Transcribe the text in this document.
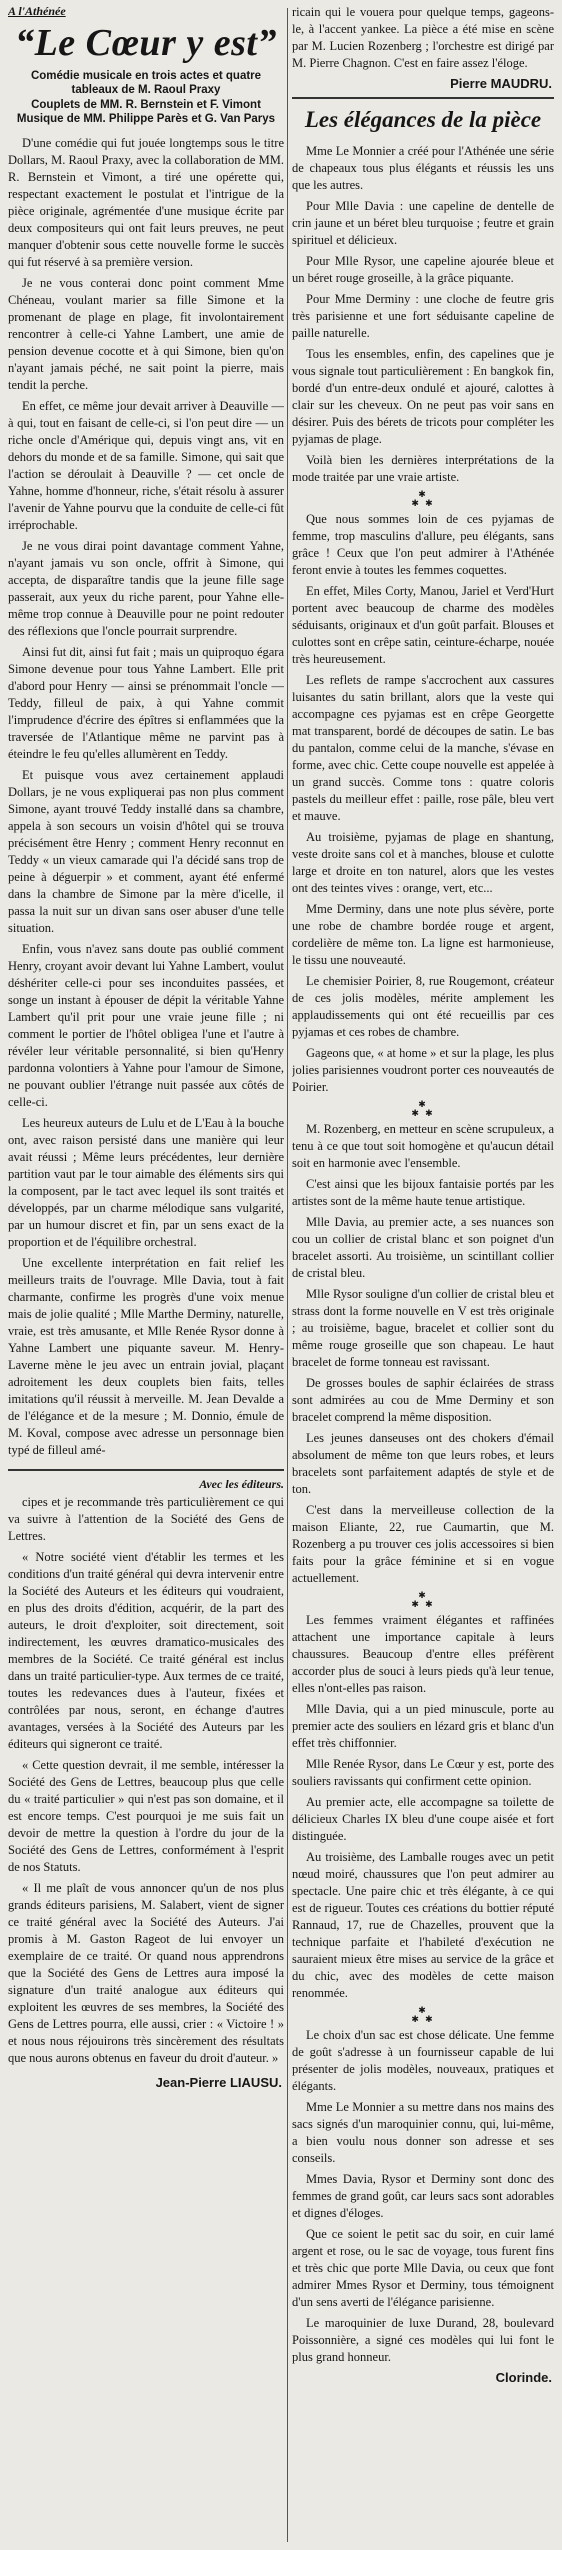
A l'Athénée
“Le Cœur y est”

Comédie musicale en trois actes et quatre tableaux de M. Raoul Praxy

Couplets de MM. R. Bernstein et F. Vimont

Musique de MM. Philippe Parès et G. Van Parys

D'une comédie qui fut jouée longtemps sous le titre Dollars, M. Raoul Praxy, avec la collaboration de MM. R. Bernstein et Vimont, a tiré une opérette qui, respectant exactement le postulat et l'intrigue de la pièce originale, agrémentée d'une musique écrite par deux compositeurs qui ont fait leurs preuves, ne peut manquer d'obtenir sous cette nouvelle forme le succès qui fut réservé à sa première version.

Je ne vous conterai donc point comment Mme Chéneau, voulant marier sa fille Simone et la promenant de plage en plage, fit involontairement rencontrer à celle-ci Yahne Lambert, une amie de pension devenue cocotte et à qui Simone, bien qu'on n'ayant jamais péché, ne sait point la pierre, mais tendit la perche.

En effet, ce même jour devait arriver à Deauville — à qui, tout en faisant de celle-ci, si l'on peut dire — un riche oncle d'Amérique qui, depuis vingt ans, vit en dehors du monde et de sa famille. Simone, qui sait que l'action se déroulait à Deauville ? — cet oncle de Yahne, homme d'honneur, riche, s'était résolu à assurer l'avenir de Yahne pourvu que la conduite de celle-ci fût irréprochable.

Je ne vous dirai point davantage comment Yahne, n'ayant jamais vu son oncle, offrit à Simone, qui accepta, de disparaître tandis que la jeune fille sage passerait, aux yeux du riche parent, pour Yahne elle-même trop connue à Deauville pour ne point redouter des réflexions que l'oncle pourrait surprendre.

Ainsi fut dit, ainsi fut fait ; mais un quiproquo égara Simone devenue pour tous Yahne Lambert. Elle prit d'abord pour Henry — ainsi se prénommait l'oncle — Teddy, filleul de paix, à qui Yahne commit l'imprudence d'écrire des épîtres si enflammées que la traversée de l'Atlantique même ne parvint pas à éteindre le feu qu'elles allumèrent en Teddy.

Et puisque vous avez certainement applaudi Dollars, je ne vous expliquerai pas non plus comment Simone, ayant trouvé Teddy installé dans sa chambre, appela à son secours un voisin d'hôtel qui se trouva précisément être Henry ; comment Henry reconnut en Teddy « un vieux camarade qui l'a décidé sans trop de peine à déguerpir » et comment, ayant été enfermé dans la chambre de Simone par la mère d'icelle, il passa la nuit sur un divan sans oser abuser d'une telle situation.

Enfin, vous n'avez sans doute pas oublié comment Henry, croyant avoir devant lui Yahne Lambert, voulut déshériter celle-ci pour ses inconduites passées, et songe un instant à épouser de dépit la véritable Yahne Lambert qu'il prit pour une vraie jeune fille ; ni comment le portier de l'hôtel obligea l'une et l'autre à révéler leur véritable personnalité, si bien qu'Henry pardonna volontiers à Yahne pour l'amour de Simone, ne pouvant oublier l'étrange nuit passée aux côtés de celle-ci.

Les heureux auteurs de Lulu et de L'Eau à la bouche ont, avec raison persisté dans une manière qui leur avait réussi ; Même leurs précédentes, leur dernière partition vaut par le tour aimable des éléments sirs qui la composent, par le tact avec lequel ils sont traités et développés, par un charme mélodique sans vulgarité, par un humour discret et fin, par un sens exact de la proportion et de l'équilibre orchestral.

Une excellente interprétation en fait relief les meilleurs traits de l'ouvrage. Mlle Davia, tout à fait charmante, confirme les progrès d'une voix menue mais de jolie qualité ; Mlle Marthe Derminy, naturelle, vraie, est très amusante, et Mlle Renée Rysor donne à Yahne Lambert une piquante saveur. M. Henry-Laverne mène le jeu avec un entrain jovial, plaçant adroitement les deux couplets bien faits, telles imitations qu'il réussit à merveille. M. Jean Devalde a de l'élégance et de la mesure ; M. Donnio, émule de M. Koval, compose avec adresse un personnage bien typé de filleul amé-

Avec les éditeurs.

cipes et je recommande très particulièrement ce qui va suivre à l'attention de la Société des Gens de Lettres.

« Notre société vient d'établir les termes et les conditions d'un traité général qui devra intervenir entre la Société des Auteurs et les éditeurs qui voudraient, en plus des droits d'édition, acquérir, de la part des auteurs, le droit d'exploiter, soit directement, soit indirectement, les œuvres dramatico-musicales des membres de la Société. Ce traité général est inclus dans un traité particulier-type. Aux termes de ce traité, toutes les redevances dues à l'auteur, fixées et contrôlées par nous, seront, en échange d'autres avantages, versées à la Société des Auteurs par les éditeurs qui signeront ce traité.

« Cette question devrait, il me semble, intéresser la Société des Gens de Lettres, beaucoup plus que celle du « traité particulier » qui n'est pas son domaine, et il est encore temps. C'est pourquoi je me suis fait un devoir de mettre la question à l'ordre du jour de la Société des Gens de Lettres, conformément à l'esprit de nos Statuts.

« Il me plaît de vous annoncer qu'un de nos plus grands éditeurs parisiens, M. Salabert, vient de signer ce traité général avec la Société des Auteurs. J'ai promis à M. Gaston Rageot de lui envoyer un exemplaire de ce traité. Or quand nous apprendrons que la Société des Gens de Lettres aura imposé la signature d'un traité analogue aux éditeurs qui exploitent les œuvres de ses membres, la Société des Gens de Lettres pourra, elle aussi, crier : « Victoire ! » et nous nous réjouirons très sincèrement des résultats que nous aurons obtenus en faveur du droit d'auteur. »

Jean-Pierre LIAUSU.

ricain qui le vouera pour quelque temps, gageons-le, à l'accent yankee. La pièce a été mise en scène par M. Lucien Rozenberg ; l'orchestre est dirigé par M. Pierre Chagnon. C'est en faire assez l'éloge.

Pierre MAUDRU.
Les élégances de la pièce

Mme Le Monnier a créé pour l'Athénée une série de chapeaux tous plus élégants et réussis les uns que les autres.

Pour Mlle Davia : une capeline de dentelle de crin jaune et un béret bleu turquoise ; feutre et grain spirituel et délicieux.

Pour Mlle Rysor, une capeline ajourée bleue et un béret rouge groseille, à la grâce piquante.

Pour Mme Derminy : une cloche de feutre gris très parisienne et une fort séduisante capeline de paille naturelle.

Tous les ensembles, enfin, des capelines que je vous signale tout particulièrement : En bangkok fin, bordé d'un entre-deux ondulé et ajouré, calottes à clair sur les cheveux. On ne peut pas voir sans en désirer. Puis des bérets de tricots pour compléter les pyjamas de plage.

Voilà bien les dernières interprétations de la mode traitée par une vraie artiste.

✱
✱ ✱

Que nous sommes loin de ces pyjamas de femme, trop masculins d'allure, peu élégants, sans grâce ! Ceux que l'on peut admirer à l'Athénée feront envie à toutes les femmes coquettes.

En effet, Miles Corty, Manou, Jariel et Verd'Hurt portent avec beaucoup de charme des modèles séduisants, originaux et d'un goût parfait. Blouses et culottes sont en crêpe satin, ceinture-écharpe, nouée très heureusement.

Les reflets de rampe s'accrochent aux cassures luisantes du satin brillant, alors que la veste qui accompagne ces pyjamas est en crêpe Georgette mat transparent, bordé de découpes de satin. Le bas du pantalon, comme celui de la manche, s'évase en forme, avec chic. Cette coupe nouvelle est appelée à un grand succès. Comme tons : quatre coloris pastels du meilleur effet : paille, rose pâle, bleu vert et mauve.

Au troisième, pyjamas de plage en shantung, veste droite sans col et à manches, blouse et culotte large et droite en ton naturel, alors que les vestes ont des teintes vives : orange, vert, etc...

Mme Derminy, dans une note plus sévère, porte une robe de chambre bordée rouge et argent, cordelière de même ton. La ligne est harmonieuse, le tissu une nouveauté.

Le chemisier Poirier, 8, rue Rougemont, créateur de ces jolis modèles, mérite amplement les applaudissements qui ont été recueillis par ces pyjamas et ces robes de chambre.

Gageons que, « at home » et sur la plage, les plus jolies parisiennes voudront porter ces nouveautés de Poirier.

✱
✱ ✱

M. Rozenberg, en metteur en scène scrupuleux, a tenu à ce que tout soit homogène et qu'aucun détail soit en harmonie avec l'ensemble.

C'est ainsi que les bijoux fantaisie portés par les artistes sont de la même haute tenue artistique.

Mlle Davia, au premier acte, a ses nuances son cou un collier de cristal blanc et son poignet d'un bracelet assorti. Au troisième, un scintillant collier de cristal bleu.

Mlle Rysor souligne d'un collier de cristal bleu et strass dont la forme nouvelle en V est très originale ; au troisième, bague, bracelet et collier sont du même rouge groseille que son chapeau. Le haut bracelet de forme tonneau est ravissant.

De grosses boules de saphir éclairées de strass sont admirées au cou de Mme Derminy et son bracelet comprend la même disposition.

Les jeunes danseuses ont des chokers d'émail absolument de même ton que leurs robes, et leurs bracelets sont parfaitement adaptés de style et de ton.

C'est dans la merveilleuse collection de la maison Eliante, 22, rue Caumartin, que M. Rozenberg a pu trouver ces jolis accessoires si bien faits pour la grâce féminine et si en vogue actuellement.

✱
✱ ✱

Les femmes vraiment élégantes et raffinées attachent une importance capitale à leurs chaussures. Beaucoup d'entre elles préfèrent accorder plus de souci à leurs pieds qu'à leur tenue, elles n'ont-elles pas raison.

Mlle Davia, qui a un pied minuscule, porte au premier acte des souliers en lézard gris et blanc d'un effet très chiffonnier.

Mlle Renée Rysor, dans Le Cœur y est, porte des souliers ravissants qui confirment cette opinion.

Au premier acte, elle accompagne sa toilette de délicieux Charles IX bleu d'une coupe aisée et fort distinguée.

Au troisième, des Lamballe rouges avec un petit nœud moiré, chaussures que l'on peut admirer au spectacle. Une paire chic et très élégante, à ce qui est de rigueur. Toutes ces créations du bottier réputé Rannaud, 17, rue de Chazelles, prouvent que la technique parfaite et l'habileté d'exécution ne sauraient mieux être mises au service de la grâce et du chic, avec des modèles de cette maison renommée.

✱
✱ ✱

Le choix d'un sac est chose délicate. Une femme de goût s'adresse à un fournisseur capable de lui présenter de jolis modèles, nouveaux, pratiques et élégants.

Mme Le Monnier a su mettre dans nos mains des sacs signés d'un maroquinier connu, qui, lui-même, a bien voulu nous donner son adresse et ses conseils.

Mmes Davia, Rysor et Derminy sont donc des femmes de grand goût, car leurs sacs sont adorables et dignes d'éloges.

Que ce soient le petit sac du soir, en cuir lamé argent et rose, ou le sac de voyage, tous furent fins et très chic que porte Mlle Davia, ou ceux que font admirer Mmes Rysor et Derminy, tous témoignent d'un sens averti de l'élégance parisienne.

Le maroquinier de luxe Durand, 28, boulevard Poissonnière, a signé ces modèles qui lui font le plus grand honneur.

Clorinde.
